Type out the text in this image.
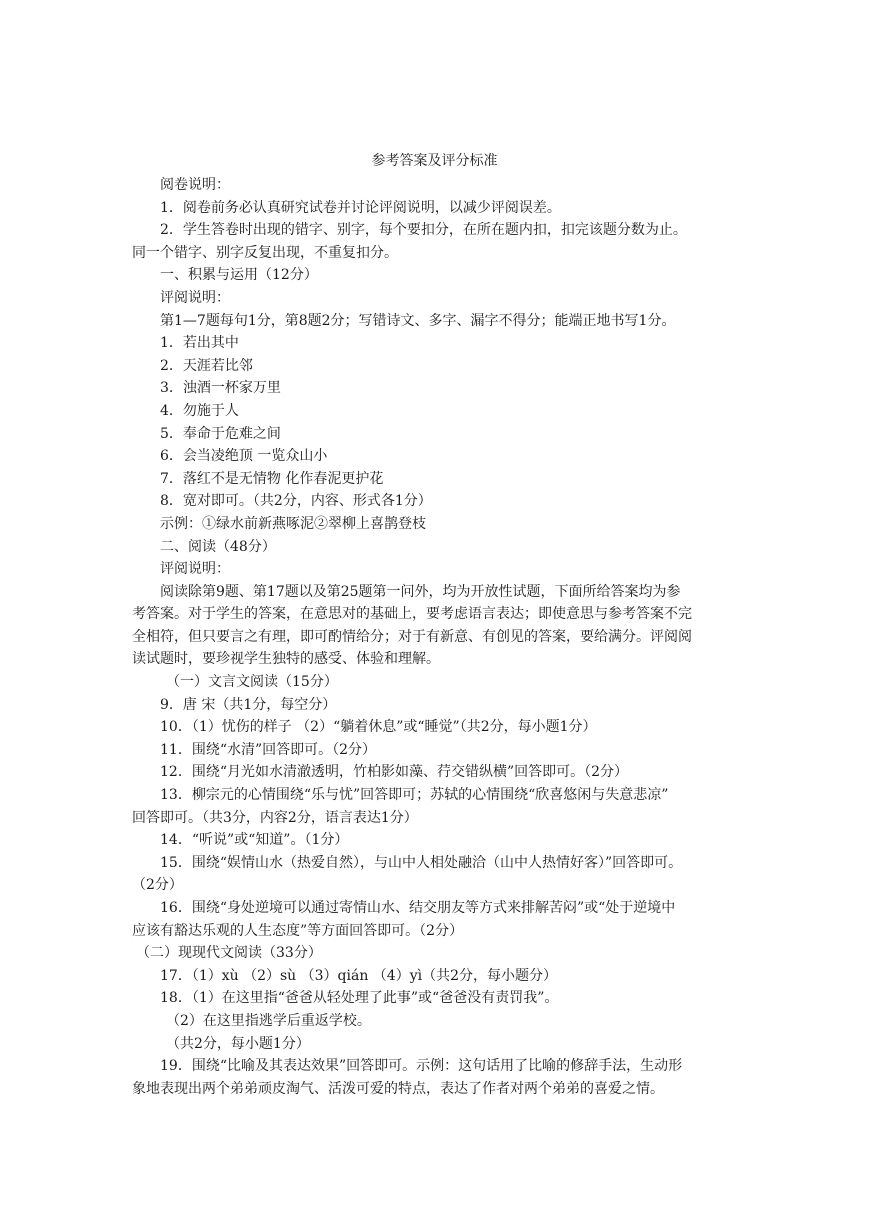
参考答案及评分标准

阅卷说明：

1．阅卷前务必认真研究试卷并讨论评阅说明，以减少评阅误差。

2．学生答卷时出现的错字、别字，每个要扣分，在所在题内扣，扣完该题分数为止。

同一个错字、别字反复出现，不重复扣分。

一、积累与运用（12分）

评阅说明：

第1—7题每句1分，第8题2分；写错诗文、多字、漏字不得分；能端正地书写1分。

1．若出其中

2．天涯若比邻

3．浊酒一杯家万里

4．勿施于人

5．奉命于危难之间

6．会当凌绝顶 一览众山小

7．落红不是无情物 化作春泥更护花

8．宽对即可。（共2分，内容、形式各1分）

示例：①绿水前新燕啄泥②翠柳上喜鹊登枝

二、阅读（48分）

评阅说明：

阅读除第9题、第17题以及第25题第一问外，均为开放性试题，下面所给答案均为参

考答案。对于学生的答案，在意思对的基础上，要考虑语言表达；即使意思与参考答案不完

全相符，但只要言之有理，即可酌情给分；对于有新意、有创见的答案，要给满分。评阅阅

读试题时，要珍视学生独特的感受、体验和理解。

（一）文言文阅读（15分）

9．唐 宋（共1分，每空分）

10．（1）忧伤的样子 （2）“躺着休息”或“睡觉”（共2分，每小题1分）

11．围绕“水清”回答即可。（2分）

12．围绕“月光如水清澈透明，竹柏影如藻、荇交错纵横”回答即可。（2分）

13．柳宗元的心情围绕“乐与忧”回答即可；苏轼的心情围绕“欣喜悠闲与失意悲凉”

回答即可。（共3分，内容2分，语言表达1分）

14．“听说”或“知道”。（1分）

15．围绕“娱情山水（热爱自然），与山中人相处融洽（山中人热情好客）”回答即可。

（2分）

16．围绕“身处逆境可以通过寄情山水、结交朋友等方式来排解苦闷”或“处于逆境中

应该有豁达乐观的人生态度”等方面回答即可。（2分）

（二）现现代文阅读（33分）

17．（1）xù （2）sù （3）qián （4）yì（共2分，每小题分）

18．（1）在这里指“爸爸从轻处理了此事”或“爸爸没有责罚我”。

（2）在这里指逃学后重返学校。

（共2分，每小题1分）

19．围绕“比喻及其表达效果”回答即可。示例：这句话用了比喻的修辞手法，生动形

象地表现出两个弟弟顽皮淘气、活泼可爱的特点，表达了作者对两个弟弟的喜爱之情。
